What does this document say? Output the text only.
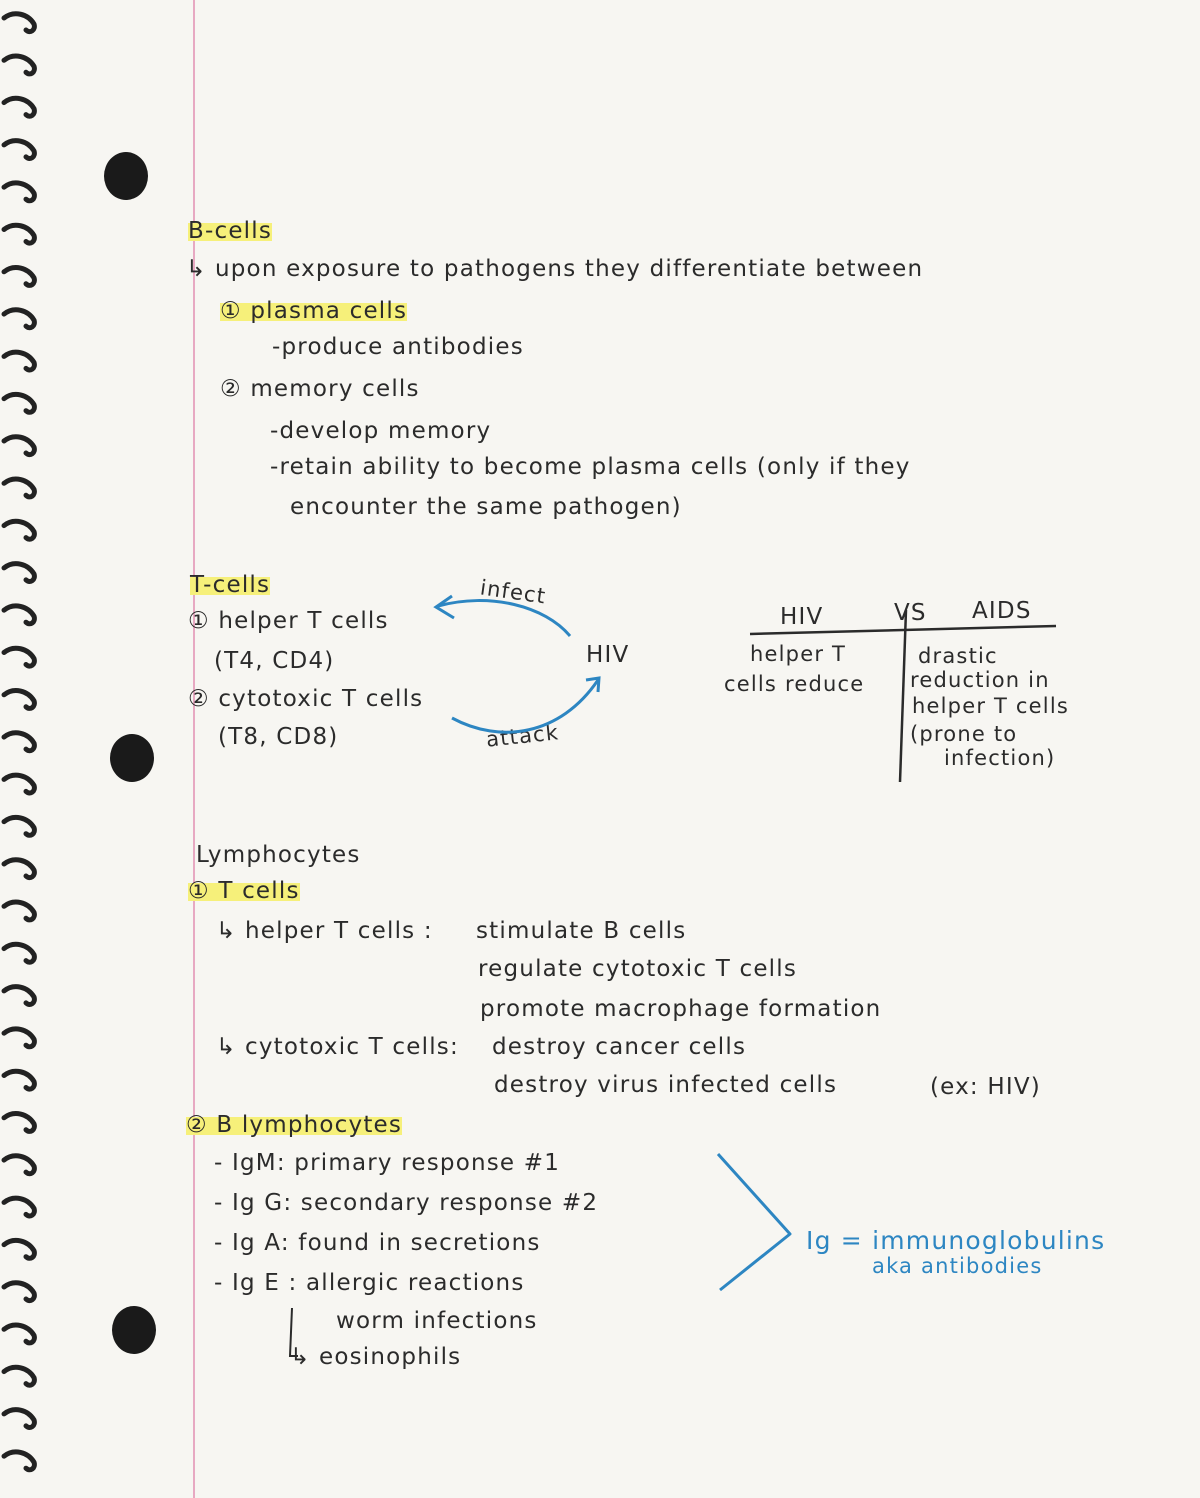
B-cells
↳ upon exposure to pathogens they differentiate between
① plasma cells
-produce antibodies
② memory cells
-develop memory
-retain ability to become plasma cells (only if they
encounter the same pathogen)
T-cells
① helper T cells
(T4, CD4)
② cytotoxic T cells
(T8, CD8)
HIV
infect
attack
HIV	VS AIDS
helper T
cells reduce
drastic
reduction in
helper T cells
(prone to
infection)
Lymphocytes
① T cells
↳ helper T cells : stimulate B cells
regulate cytotoxic T cells
promote macrophage formation
↳ cytotoxic T cells: destroy cancer cells
destroy virus infected cells	(ex: HIV)
② B lymphocytes
- IgM: primary response #1
- Ig G: secondary response #2
- Ig A: found in secretions
- Ig E : allergic reactions
worm infections
↳ eosinophils
Ig = immunoglobulins
aka antibodies
